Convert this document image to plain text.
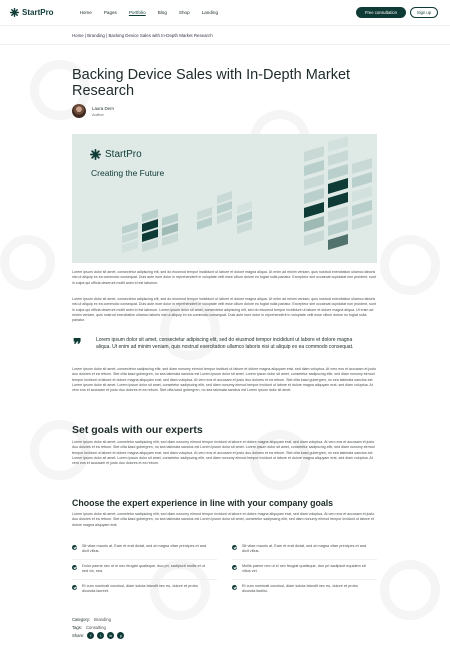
StartPro	Home	Pages	Portfolio	Blog	Shop	Landing	Free consultation	Sign up
Home | Branding | Backing Device Sales with In-Depth Market Research
Backing Device Sales with In-Depth Market Research
Laura Dern
Author
StartPro
Creating the Future

Lorem ipsum dolor sit amet, consectetur adipiscing elit, sed do eiusmod tempor incididunt ut labore et dolore magna aliqua. Ut enim ad minim veniam, quis nostrud exercitation ullamco laboris nisi ut aliquip ex ea commodo consequat. Duis aute irure dolor in reprehenderit in voluptate velit esse cillum dolore eu fugiat nulla pariatur. Excepteur sint occaecat cupidatat non proident, sunt in culpa qui officia deserunt mollit anim id est laborum.

Lorem ipsum dolor sit amet, consectetur adipiscing elit, sed do eiusmod tempor incididunt ut labore et dolore magna aliqua. Ut enim ad minim veniam, quis nostrud exercitation ullamco laboris nisi ut aliquip ex ea commodo consequat. Duis aute irure dolor in reprehenderit in voluptate velit esse cillum dolore eu fugiat nulla pariatur. Excepteur sint occaecat cupidatat non proident, sunt in culpa qui officia deserunt mollit anim id est laborum. Lorem ipsum dolor sit amet, consectetur adipiscing elit, sed do eiusmod tempor incididunt ut labore et dolore magna aliqua. Ut enim ad minim veniam, quis nostrud exercitation ullamco laboris nisi ut aliquip ex ea commodo consequat. Duis aute irure dolor in reprehenderit in voluptate velit esse cillum dolore eu fugiat nulla pariatur.

❞	Lorem ipsum dolor sit amet, consectetur adipiscing elit, sed do eiusmod tempor incididunt ut labore et dolore magna aliqua. Ut enim ad minim veniam, quis nostrud exercitation ullamco laboris nisi ut aliquip ex ea commodo consequat.

Lorem ipsum dolor sit amet, consectetur sadipscing elitr, sed diam nonumy eirmod tempor invidunt ut labore et dolore magna aliquyam erat, sed diam voluptua. At vero eos et accusam et justo duo dolores et ea rebum. Stet clita kasd gubergren, no sea takimata sanctus est Lorem ipsum dolor sit amet. Lorem ipsum dolor sit amet, consetetur sadipscing elitr, sed diam nonumy eirmod tempor invidunt ut labore et dolore magna aliquyam erat, sed diam voluptua. At vero eos et accusam et justo duo dolores et ea rebum. Stet clita kasd gubergren, no sea takimata sanctus est Lorem ipsum dolor sit amet. Lorem ipsum dolor sit amet, consetetur sadipscing elitr, sed diam nonumy eirmod tempor invidunt ut labore et dolore magna aliquyam erat, sed diam voluptua. At vero eos et accusam et justo duo dolores et ea rebum. Stet clita kasd gubergren, no sea takimata sanctus est Lorem ipsum dolor sit amet.

Set goals with our experts

Lorem ipsum dolor sit amet, consetetur sadipscing elitr, sed diam nonumy eirmod tempor invidunt ut labore et dolore magna aliquyam erat, sed diam voluptua. At vero eos et accusam et justo duo dolores et ea rebum. Stet clita kasd gubergren, no sea takimata sanctus est Lorem ipsum dolor sit amet. Lorem ipsum dolor sit amet, consetetur sadipscing elitr, sed diam nonumy eirmod tempor invidunt ut labore et dolore magna aliquyam erat, sed diam voluptua. At vero eos et accusam et justo duo dolores et ea rebum. Stet clita kasd gubergren, no sea takimata sanctus est Lorem ipsum dolor sit amet. Lorem ipsum dolor sit amet, consetetur sadipscing elitr, sed diam nonumy eirmod tempor invidunt ut labore et dolore magna aliquyam erat, sed diam voluptua. At vero eos et accusam et justo duo dolores et ea rebum.

Choose the expert experience in line with your company goals

Lorem ipsum dolor sit amet, consetetur sadipscing elitr, sed diam nonumy eirmod tempor invidunt ut labore et dolore magna aliquyam erat, sed diam voluptua. At vero eos et accusam et justo duo dolores et ea rebum. Stet clita kasd gubergren, no sea takimata sanctus est Lorem ipsum dolor sit amet, consetetur sadipscing elitr, sed diam nonumy eirmod tempor invidunt ut labore et dolore magna aliquyam erat.

Sit vitae mauris at. Eam et erat dictat, sed at magna vitae principes et ana dicit vitius.
Sit vitae mauris at. Eam et erat dictat, sed at magna vitae principes et ana dicit vitius.
Dolor paene nec ut ei nec feugiat qualisque, duo pri, sadipscit mollis et ut sed vix, sea.
Mollis paene nec ut ei nec feugiat qualisque, duo pri sadipscit equidem sit vitius vel.
Et cum nominati conclusi, diam soluta blandit nec eu, dolore et probo dicunda laoreet.
Et cum nominati conclusi, diam soluta blandit nec eu, dolore et probo dicunda facilisi.
Category: Branding
Tags: Consulting
Share:	f	t	in	p
